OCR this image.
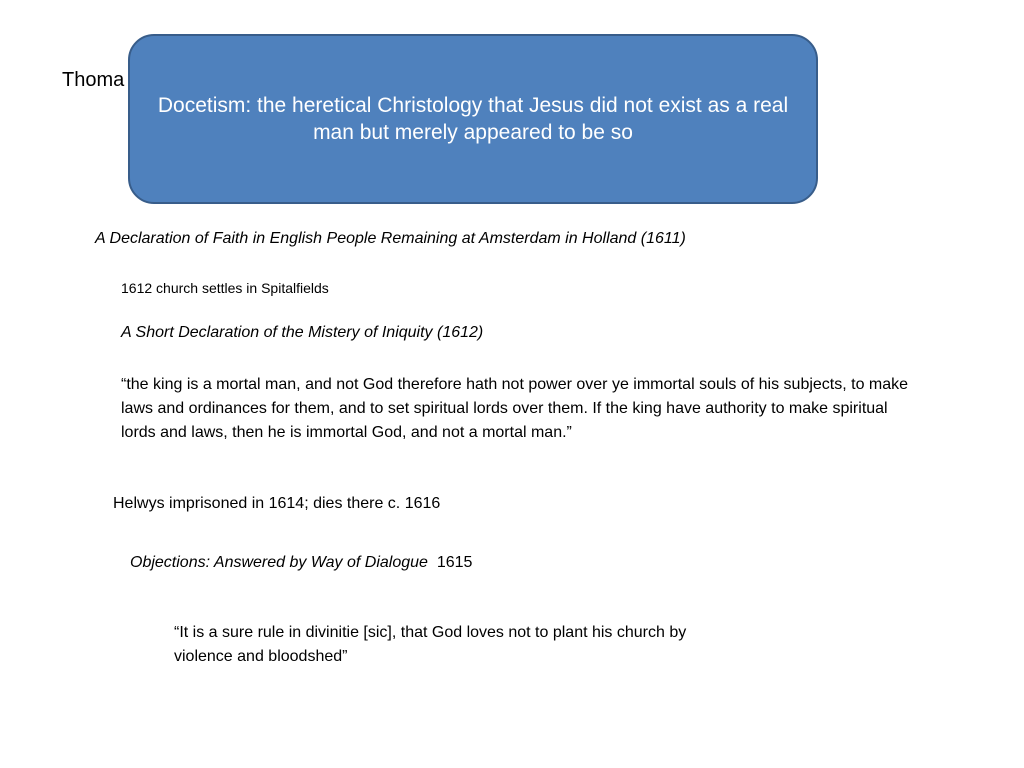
Thoma
Docetism: the heretical Christology that Jesus did not exist as a real man but merely appeared to be so
A Declaration of Faith in English People Remaining at Amsterdam in Holland (1611)
1612 church settles in Spitalfields
A Short Declaration of the Mistery of Iniquity (1612)
“the king is a mortal man, and not God therefore hath not power over ye immortal souls of his subjects, to make laws and ordinances for them, and to set spiritual lords over them. If the king have authority to make spiritual lords and laws, then he is immortal God, and not a mortal man.”
Helwys imprisoned in 1614; dies there c. 1616
Objections: Answered by Way of Dialogue 1615
“It is a sure rule in divinitie [sic], that God loves not to plant his church by violence and bloodshed”
